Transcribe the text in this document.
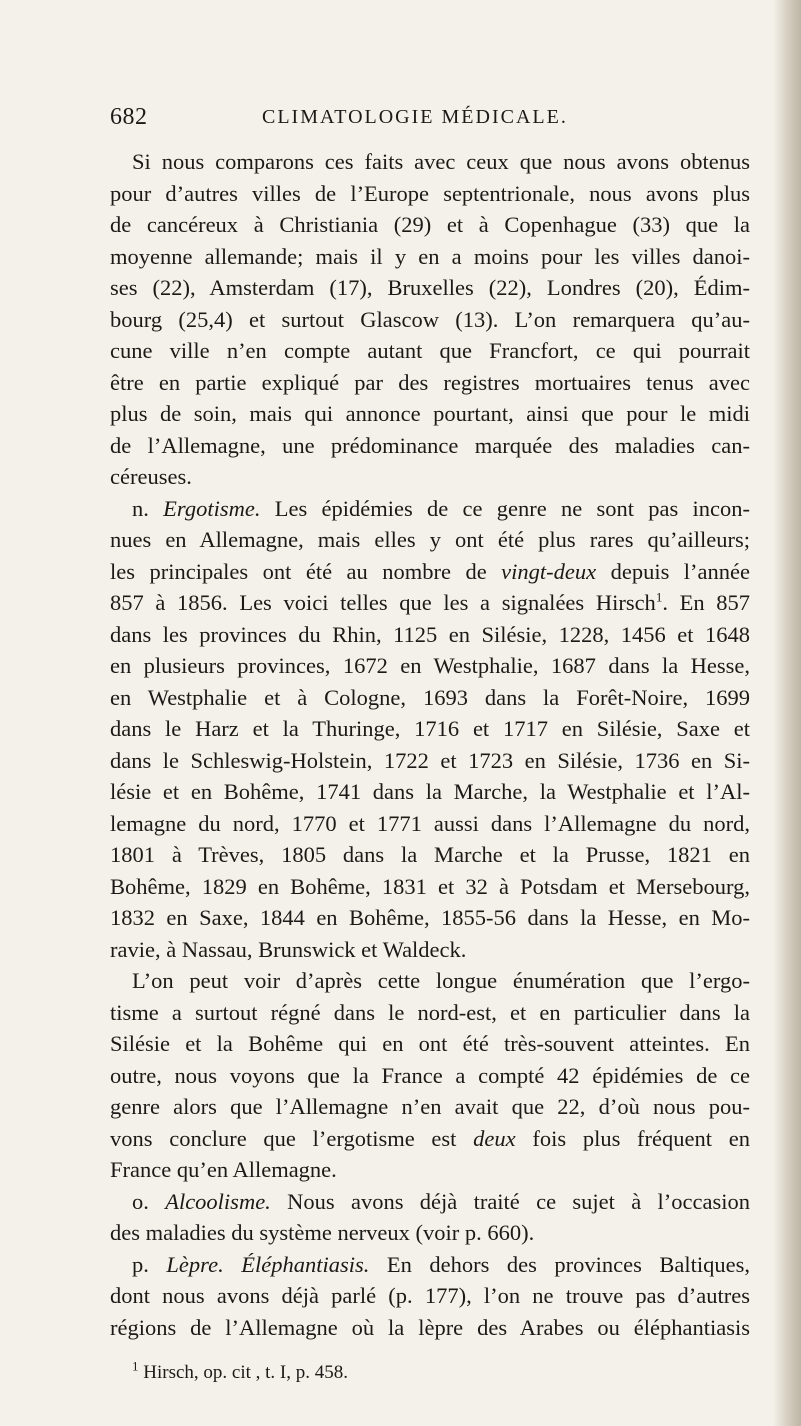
682	CLIMATOLOGIE MÉDICALE.
Si nous comparons ces faits avec ceux que nous avons obtenus
pour d’autres villes de l’Europe septentrionale, nous avons plus
de cancéreux à Christiania (29) et à Copenhague (33) que la
moyenne allemande; mais il y en a moins pour les villes danoi-
ses (22), Amsterdam (17), Bruxelles (22), Londres (20), Édim-
bourg (25,4) et surtout Glascow (13). L’on remarquera qu’au-
cune ville n’en compte autant que Francfort, ce qui pourrait
être en partie expliqué par des registres mortuaires tenus avec
plus de soin, mais qui annonce pourtant, ainsi que pour le midi
de l’Allemagne, une prédominance marquée des maladies can-
céreuses.
n. Ergotisme. Les épidémies de ce genre ne sont pas incon-
nues en Allemagne, mais elles y ont été plus rares qu’ailleurs;
les principales ont été au nombre de vingt-deux depuis l’année
857 à 1856. Les voici telles que les a signalées Hirsch$^1$. En 857
dans les provinces du Rhin, 1125 en Silésie, 1228, 1456 et 1648
en plusieurs provinces, 1672 en Westphalie, 1687 dans la Hesse,
en Westphalie et à Cologne, 1693 dans la Forêt-Noire, 1699
dans le Harz et la Thuringe, 1716 et 1717 en Silésie, Saxe et
dans le Schleswig-Holstein, 1722 et 1723 en Silésie, 1736 en Si-
lésie et en Bohême, 1741 dans la Marche, la Westphalie et l’Al-
lemagne du nord, 1770 et 1771 aussi dans l’Allemagne du nord,
1801 à Trèves, 1805 dans la Marche et la Prusse, 1821 en
Bohême, 1829 en Bohême, 1831 et 32 à Potsdam et Mersebourg,
1832 en Saxe, 1844 en Bohême, 1855-56 dans la Hesse, en Mo-
ravie, à Nassau, Brunswick et Waldeck.
L’on peut voir d’après cette longue énumération que l’ergo-
tisme a surtout régné dans le nord-est, et en particulier dans la
Silésie et la Bohême qui en ont été très-souvent atteintes. En
outre, nous voyons que la France a compté 42 épidémies de ce
genre alors que l’Allemagne n’en avait que 22, d’où nous pou-
vons conclure que l’ergotisme est deux fois plus fréquent en
France qu’en Allemagne.
o. Alcoolisme. Nous avons déjà traité ce sujet à l’occasion
des maladies du système nerveux (voir p. 660).
p. Lèpre. Éléphantiasis. En dehors des provinces Baltiques,
dont nous avons déjà parlé (p. 177), l’on ne trouve pas d’autres
régions de l’Allemagne où la lèpre des Arabes ou éléphantiasis
$^1$ Hirsch, op. cit , t. I, p. 458.
